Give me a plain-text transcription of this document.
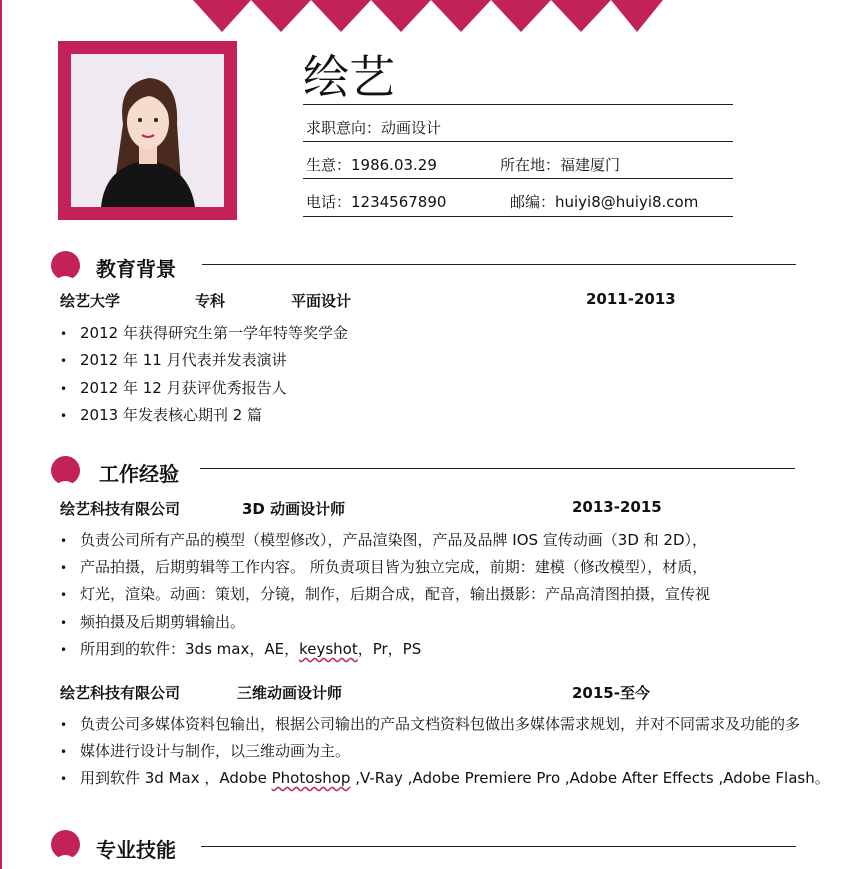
绘艺
求职意向：动画设计
生意：1986.03.29	所在地：福建厦门
电话：1234567890	邮编：huiyi8@huiyi8.com
教育背景
绘艺大学	专科	平面设计	2011-2013
• 2012 年获得研究生第一学年特等奖学金
• 2012 年 11 月代表并发表演讲
• 2012 年 12 月获评优秀报告人
• 2013 年发表核心期刊 2 篇
工作经验
绘艺科技有限公司	3D 动画设计师	2013-2015
• 负责公司所有产品的模型（模型修改），产品渲染图，产品及品牌 IOS 宣传动画（3D 和 2D），
• 产品拍摄，后期剪辑等工作内容。 所负责项目皆为独立完成，前期：建模（修改模型），材质，
• 灯光，渲染。动画：策划，分镜，制作，后期合成，配音，输出摄影：产品高清图拍摄，宣传视
• 频拍摄及后期剪辑输出。
• 所用到的软件：3ds max，AE，keyshot，Pr，PS
绘艺科技有限公司	三维动画设计师	2015-至今
• 负责公司多媒体资料包输出，根据公司输出的产品文档资料包做出多媒体需求规划，并对不同需求及功能的多
• 媒体进行设计与制作，以三维动画为主。
• 用到软件 3d Max ，Adobe Photoshop ,V-Ray ,Adobe Premiere Pro ,Adobe After Effects ,Adobe Flash。
专业技能
